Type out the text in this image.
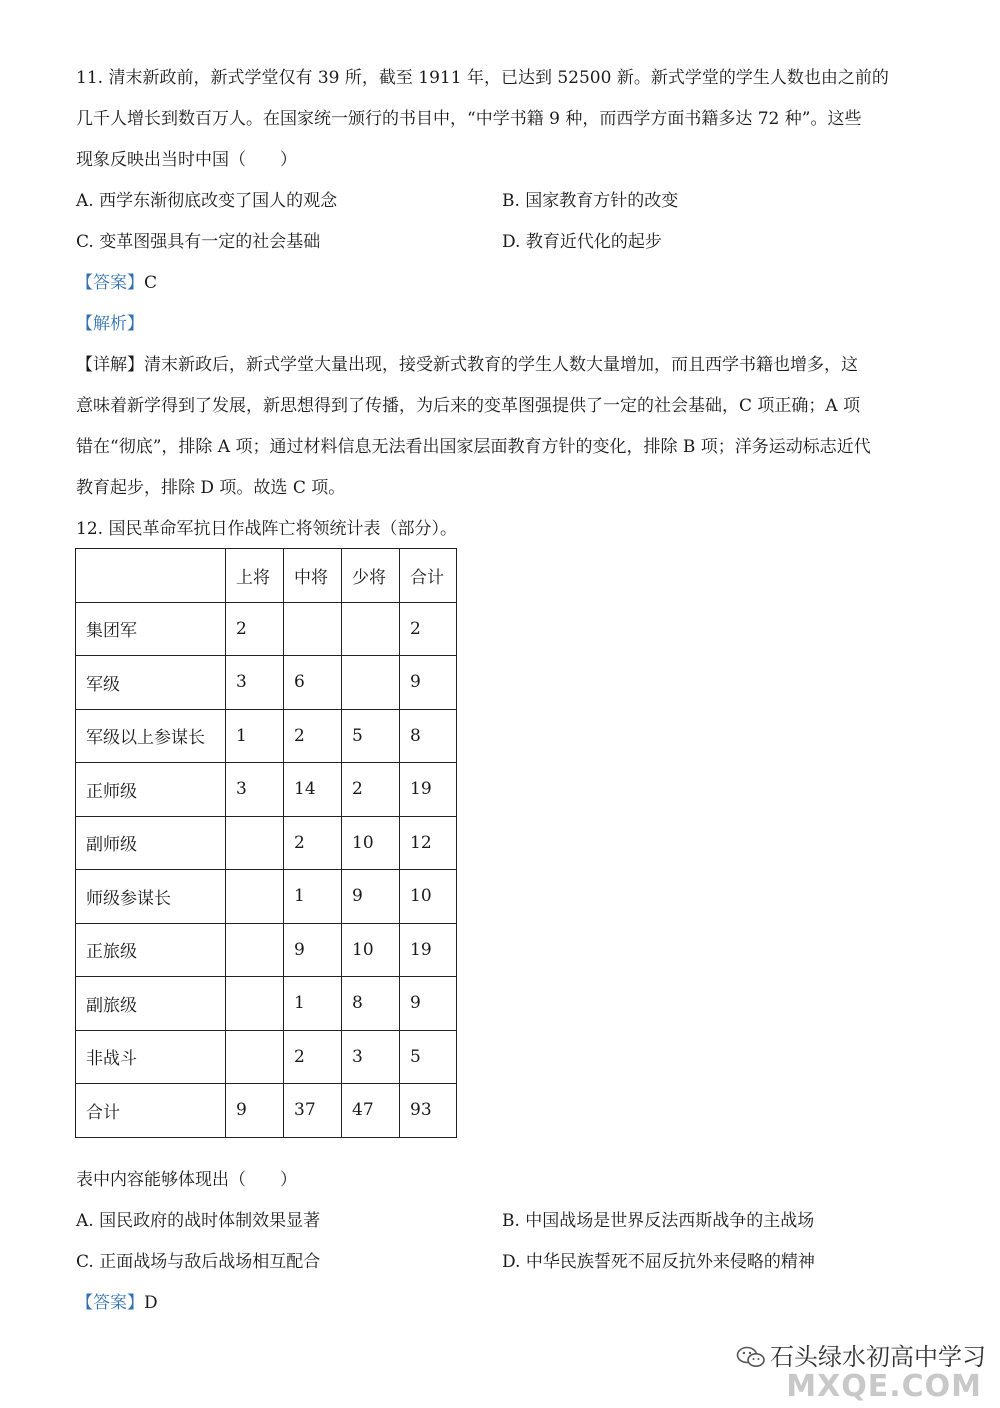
11. 清末新政前，新式学堂仅有 39 所，截至 1911 年，已达到 52500 新。新式学堂的学生人数也由之前的
几千人增长到数百万人。在国家统一颁行的书目中，“中学书籍 9 种，而西学方面书籍多达 72 种”。这些
现象反映出当时中国（　　）
A. 西学东渐彻底改变了国人的观念	B. 国家教育方针的改变
C. 变革图强具有一定的社会基础	D. 教育近代化的起步
【答案】C
【解析】
【详解】清末新政后，新式学堂大量出现，接受新式教育的学生人数大量增加，而且西学书籍也增多，这
意味着新学得到了发展，新思想得到了传播，为后来的变革图强提供了一定的社会基础，C 项正确；A 项
错在“彻底”，排除 A 项；通过材料信息无法看出国家层面教育方针的变化，排除 B 项；洋务运动标志近代
教育起步，排除 D 项。故选 C 项。
12. 国民革命军抗日作战阵亡将领统计表（部分）。
	上将	中将	少将	合计
集团军	2			2
军级	3	6		9
军级以上参谋长	1	2	5	8
正师级	3	14	2	19
副师级		2	10	12
师级参谋长		1	9	10
正旅级		9	10	19
副旅级		1	8	9
非战斗		2	3	5
合计	9	37	47	93
表中内容能够体现出（　　）
A. 国民政府的战时体制效果显著	B. 中国战场是世界反法西斯战争的主战场
C. 正面战场与敌后战场相互配合	D. 中华民族誓死不屈反抗外来侵略的精神
【答案】D
MXQE.COM
石头绿水初高中学习
